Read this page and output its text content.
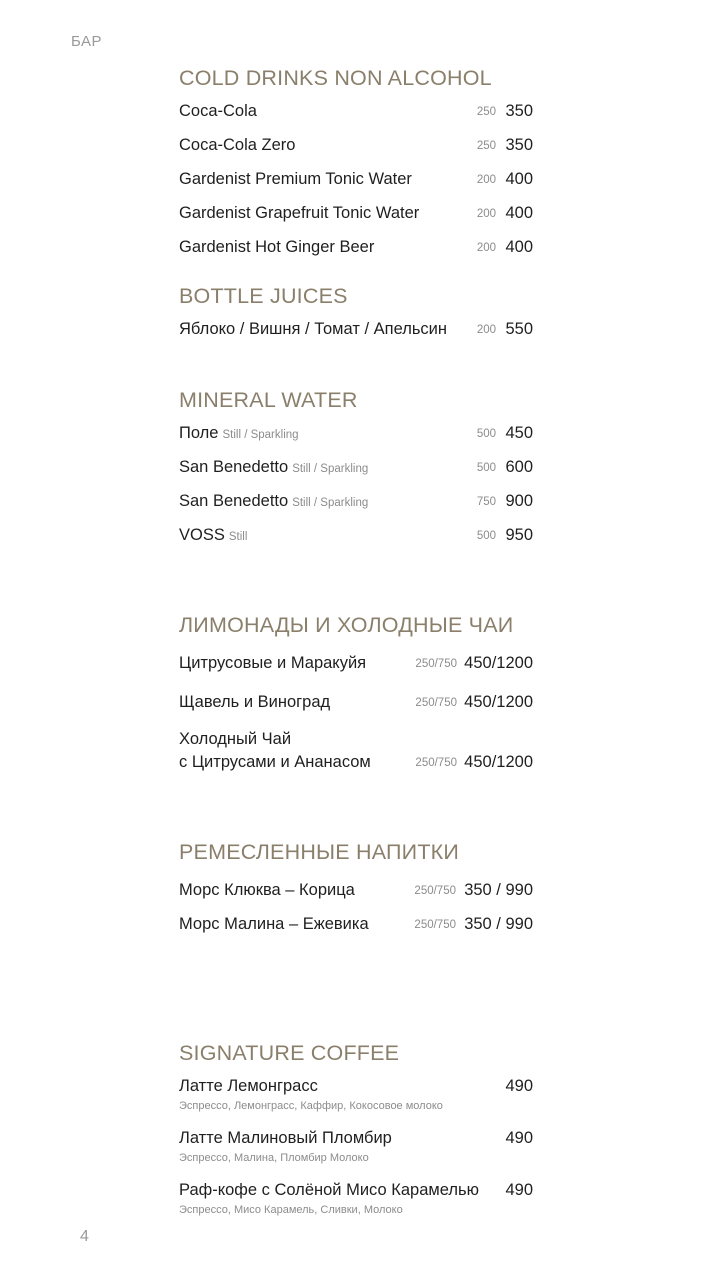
БАР
COLD DRINKS NON ALCOHOL
Coca-Cola	250 350
Coca-Cola Zero	250 350
Gardenist Premium Tonic Water	200 400
Gardenist Grapefruit Tonic Water	200 400
Gardenist Hot Ginger Beer	200 400
BOTTLE JUICES
Яблоко / Вишня / Томат / Апельсин	200 550
MINERAL WATER
Поле Still / Sparkling	500 450
San Benedetto Still / Sparkling	500 600
San Benedetto Still / Sparkling	750 900
VOSS Still	500 950
ЛИМОНАДЫ И ХОЛОДНЫЕ ЧАИ
Цитрусовые и Маракуйя	250/750 450/1200
Щавель и Виноград	250/750 450/1200
Холодный Чай
с Цитрусами и Ананасом	250/750 450/1200
РЕМЕСЛЕННЫЕ НАПИТКИ
Морс Клюква – Корица	250/750 350 / 990
Морс Малина – Ежевика	250/750 350 / 990
SIGNATURE COFFEE
Латте Лемонграсс	490
Эспрессо, Лемонграсс, Каффир, Кокосовое молоко
Латте Малиновый Пломбир	490
Эспрессо, Малина, Пломбир Молоко
Раф-кофе с Солёной Мисо Карамелью 490
Эспрессо, Мисо Карамель, Сливки, Молоко
4
